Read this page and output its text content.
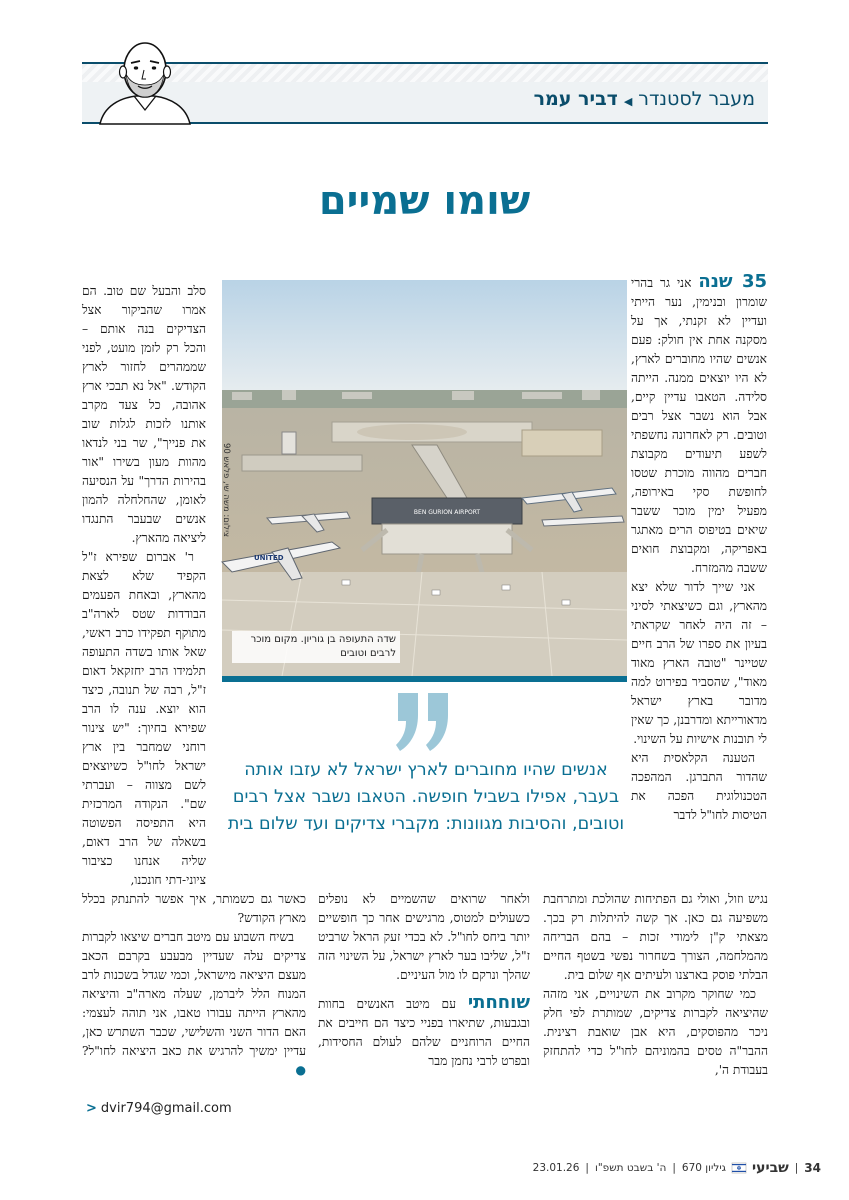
מעבר לסטנדר◀דביר עמר
שומו שמיים

35 שנה אני גר בהרי שומרון ובנימין, נער הייתי ועדיין לא זקנתי, אך על מסקנה אחת אין חולק: פעם אנשים שהיו מחוברים לארץ, לא היו יוצאים ממנה. הייתה סלידה. הטאבו עדיין קיים, אבל הוא נשבר אצל רבים וטובים. רק לאחרונה נחשפתי לשפע תיעודים מקבוצת חברים מהווה מוכרת שטסו לחופשת סקי באירופה, מפעיל ימין מוכר ששבר שיאים בטיפוס הרים מאתגר באפריקה, ומקבוצת חואים ששבה מהמזרח.

אני שייך לדור שלא יצא מהארץ, וגם כשיצאתי לסיני – זה היה לאחר שקראתי בעיון את ספרו של הרב חיים שטיינר "טובה הארץ מאוד מאוד", שהסביר בפירוט למה מדובר בארץ ישראל מדאורייתא ומדרבנן, כך שאין לי תובנות אישיות על השינוי.

הטענה הקלאסית היא שהדור התברגן. המהפכה הטכנולוגית הפכה את הטיסות לחו"ל לדבר

סלב והבעל שם טוב. הם אמרו שהביקור אצל הצדיקים בנה אותם – והכל רק לזמן מועט, לפני שממהרים לחזור לארץ הקודש. "אל נא תבכי ארץ אהובה, כל צעד מקרב אותנו לזכות לגלות שוב את פנייך", שר בני לנדאו מהוות מעון בשירו "אור בהירות הדרך" על הנסיעה לאומן, שהחלחלה להמון אנשים שבעבר התנגדו ליציאה מהארץ.

ר' אברום שפירא ז"ל הקפיד שלא לצאת מהארץ, ובאחת הפעמים הבודדות שטס לארה"ב מתוקף תפקידו כרב ראשי, שאל אותו בשדה התעופה תלמידו הרב יחזקאל דאום ז"ל, רבה של תנובה, כיצד הוא יוצא. ענה לו הרב שפירא בחיוך: "יש צינור רוחני שמחבר בין ארץ ישראל לחו"ל כשיוצאים לשם מצווה – ועברתי שם". הנקודה המרכזית היא התפיסה הפשוטה בשאלה של הרב דאום, שליה אנחנו כציבור ציוני-דתי חונכנו,

BEN GURION AIRPORT
UNITED
צילום: משה שי, פלאש 90
שדה התעופה בן גוריון. מקום מוכר לרבים וטובים
אנשים שהיו מחוברים לארץ ישראל לא עזבו אותה בעבר, אפילו בשביל חופשה. הטאבו נשבר אצל רבים וטובים, והסיבות מגוונות: מקברי צדיקים ועד שלום בית

נגיש וזול, ואולי גם הפתיחות שהולכת ומתרחבת משפיעה גם כאן. אך קשה להיתלות רק בכך. מצאתי ק"ן לימודי זכות – בהם הבריחה מהמלחמה, הצורך בשחרור נפשי בשטף החיים הבלתי פוסק בארצנו ולעיתים אף שלום בית.

כמי שחוקר מקרוב את השינויים, אני מזהה שהיציאה לקברות צדיקים, שמותרת לפי חלק ניכר מהפוסקים, היא אבן שואבת רצינית. ההבר"ה טסים בהמוניהם לחו"ל כדי להתחזק בעבודת ה',

ולאחר שרואים שהשמיים לא נופלים כשעולים למטוס, מרגישים אחר כך חופשיים יותר ביחס לחו"ל. לא בכדי זעק הראל שרביט ז"ל, שליבו בער לארץ ישראל, על השינוי הזה שהלך ונרקם לו מול העיניים.

שוחחתי עם מיטב האנשים בחוות ובגבעות, שתיארו בפניי כיצד הם חייבים את החיים הרוחניים שלהם לעולם החסידות, ובפרט לרבי נחמן מבר

כאשר גם כשמותר, איך אפשר להתנתק בכלל מארץ הקודש?

בשיח השבוע עם מיטב חברים שיצאו לקברות צדיקים עלה שעדיין מבעבע בקרבם הכאב מעצם היציאה מישראל, וכמי שגדל בשכנות לרב המנוח הלל ליברמן, שעלה מארה"ב והיציאה מהארץ הייתה עבורו טאבו, אני תוהה לעצמי: האם הדור השני והשלישי, שכבר השתרש כאן, עדיין ימשיך להרגיש את כאב היציאה לחו"ל? ●

> dvir794@gmail.com
34
|
שביעי
גיליון 670
|
ה' בשבט תשפ"ו
|
23.01.26
